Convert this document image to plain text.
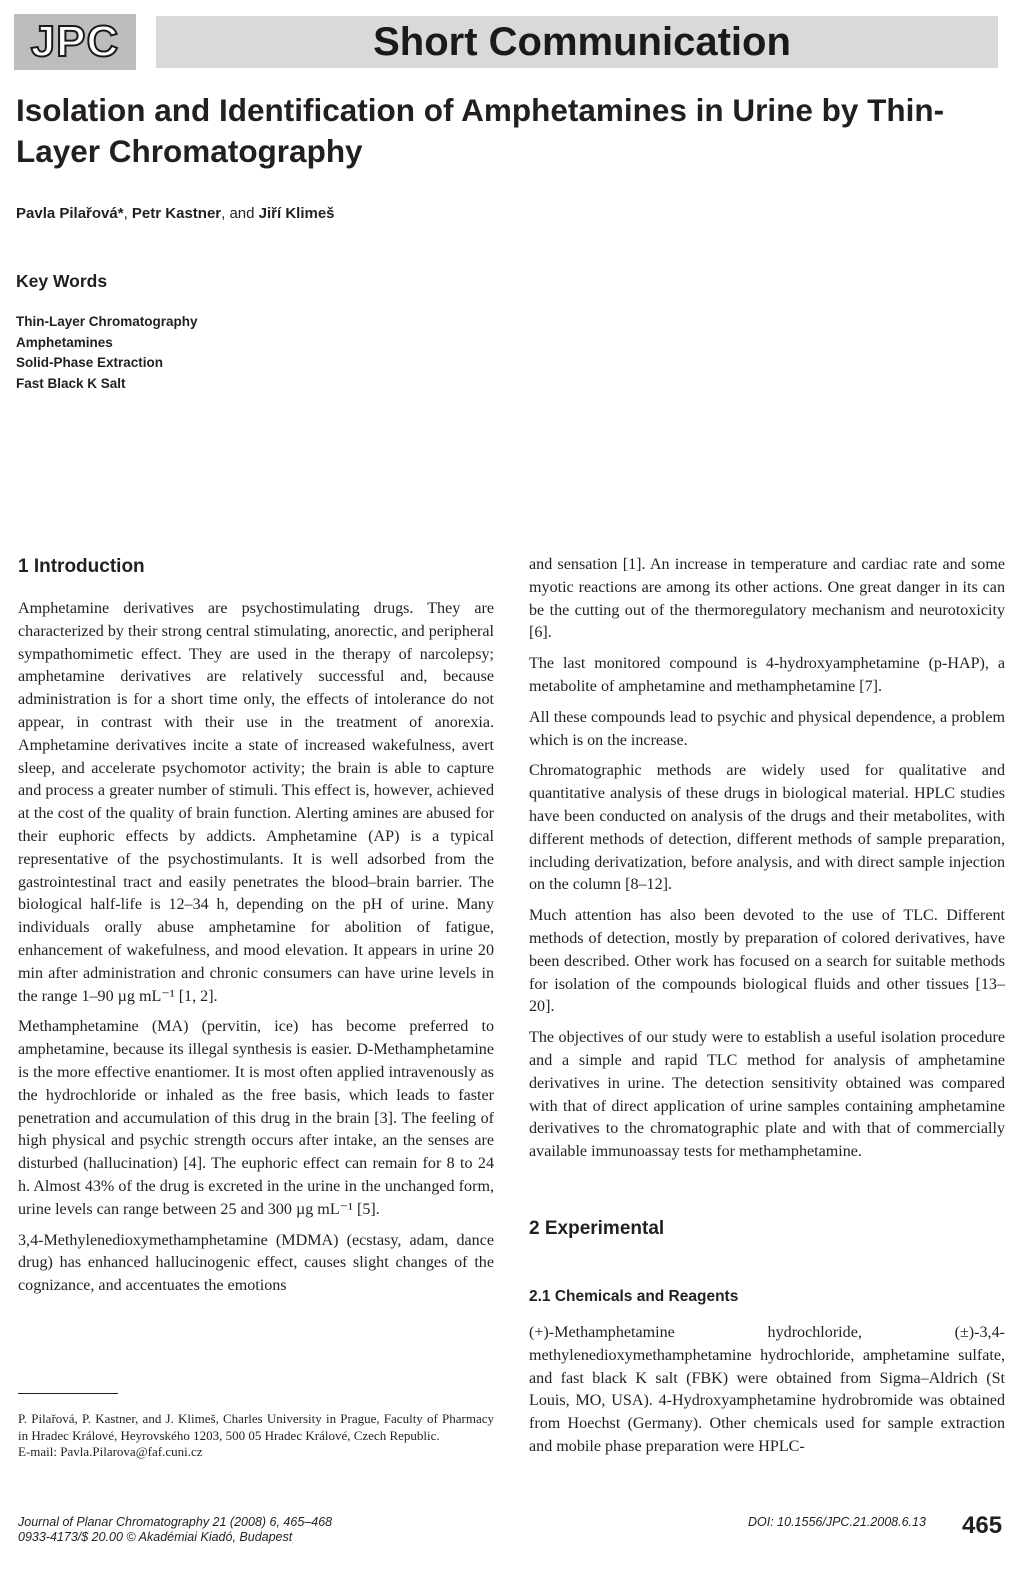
JPC	Short Communication
Isolation and Identification of Amphetamines in Urine by Thin-Layer Chromatography

Pavla Pilařová*, Petr Kastner, and Jiří Klimeš

Key Words
Thin-Layer Chromatography
Amphetamines
Solid-Phase Extraction
Fast Black K Salt
1 Introduction

Amphetamine derivatives are psychostimulating drugs. They are characterized by their strong central stimulating, anorectic, and peripheral sympathomimetic effect. They are used in the therapy of narcolepsy; amphetamine derivatives are relatively successful and, because administration is for a short time only, the effects of intolerance do not appear, in contrast with their use in the treatment of anorexia. Amphetamine derivatives incite a state of increased wakefulness, avert sleep, and accelerate psychomotor activity; the brain is able to capture and process a greater number of stimuli. This effect is, however, achieved at the cost of the quality of brain function. Alerting amines are abused for their euphoric effects by addicts. Amphetamine (AP) is a typical representative of the psychostimulants. It is well adsorbed from the gastrointestinal tract and easily penetrates the blood–brain barrier. The biological half-life is 12–34 h, depending on the pH of urine. Many individuals orally abuse amphetamine for abolition of fatigue, enhancement of wakefulness, and mood elevation. It appears in urine 20 min after administration and chronic consumers can have urine levels in the range 1–90 µg mL⁻¹ [1, 2].

Methamphetamine (MA) (pervitin, ice) has become preferred to amphetamine, because its illegal synthesis is easier. D-Methamphetamine is the more effective enantiomer. It is most often applied intravenously as the hydrochloride or inhaled as the free basis, which leads to faster penetration and accumulation of this drug in the brain [3]. The feeling of high physical and psychic strength occurs after intake, an the senses are disturbed (hallucination) [4]. The euphoric effect can remain for 8 to 24 h. Almost 43% of the drug is excreted in the urine in the unchanged form, urine levels can range between 25 and 300 µg mL⁻¹ [5].

3,4-Methylenedioxymethamphetamine (MDMA) (ecstasy, adam, dance drug) has enhanced hallucinogenic effect, causes slight changes of the cognizance, and accentuates the emotions

and sensation [1]. An increase in temperature and cardiac rate and some myotic reactions are among its other actions. One great danger in its can be the cutting out of the thermoregulatory mechanism and neurotoxicity [6].

The last monitored compound is 4-hydroxyamphetamine (p-HAP), a metabolite of amphetamine and methamphetamine [7].

All these compounds lead to psychic and physical dependence, a problem which is on the increase.

Chromatographic methods are widely used for qualitative and quantitative analysis of these drugs in biological material. HPLC studies have been conducted on analysis of the drugs and their metabolites, with different methods of detection, different methods of sample preparation, including derivatization, before analysis, and with direct sample injection on the column [8–12].

Much attention has also been devoted to the use of TLC. Different methods of detection, mostly by preparation of colored derivatives, have been described. Other work has focused on a search for suitable methods for isolation of the compounds biological fluids and other tissues [13–20].

The objectives of our study were to establish a useful isolation procedure and a simple and rapid TLC method for analysis of amphetamine derivatives in urine. The detection sensitivity obtained was compared with that of direct application of urine samples containing amphetamine derivatives to the chromatographic plate and with that of commercially available immunoassay tests for methamphetamine.

2 Experimental
2.1 Chemicals and Reagents

(+)-Methamphetamine hydrochloride, (±)-3,4-methylenedioxymethamphetamine hydrochloride, amphetamine sulfate, and fast black K salt (FBK) were obtained from Sigma–Aldrich (St Louis, MO, USA). 4-Hydroxyamphetamine hydrobromide was obtained from Hoechst (Germany). Other chemicals used for sample extraction and mobile phase preparation were HPLC-

P. Pilařová, P. Kastner, and J. Klimeš, Charles University in Prague, Faculty of Pharmacy in Hradec Králové, Heyrovského 1203, 500 05 Hradec Králové, Czech Republic.
E-mail: Pavla.Pilarova@faf.cuni.cz
Journal of Planar Chromatography 21 (2008) 6, 465–468
0933-4173/$ 20.00 © Akadémiai Kiadó, Budapest
DOI: 10.1556/JPC.21.2008.6.13 465
